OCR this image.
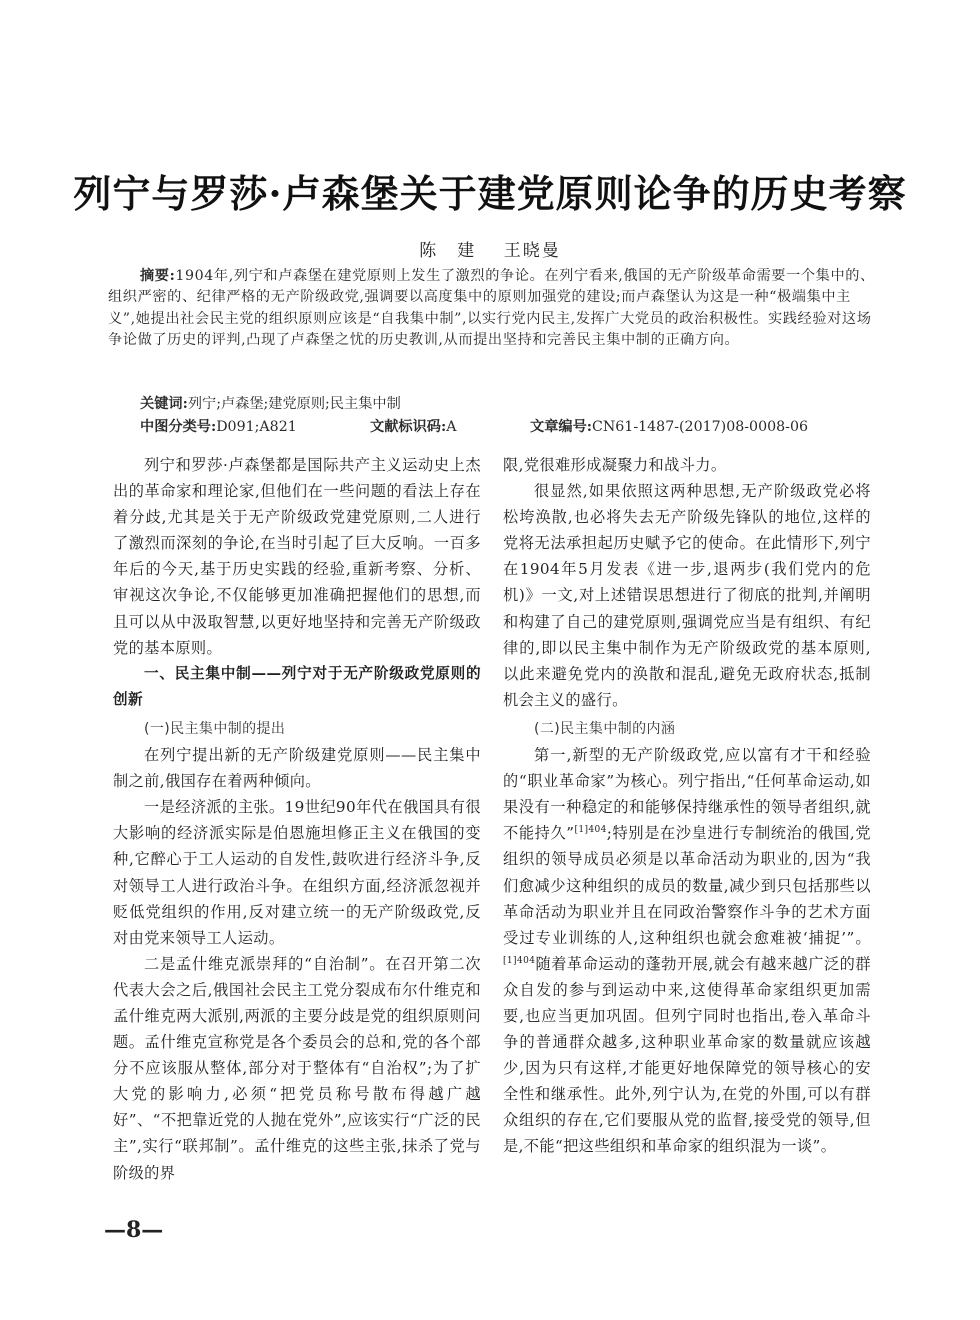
列宁与罗莎·卢森堡关于建党原则论争的历史考察
陈　建 王晓曼
摘要:1904年,列宁和卢森堡在建党原则上发生了激烈的争论。在列宁看来,俄国的无产阶级革命需要一个集中的、组织严密的、纪律严格的无产阶级政党,强调要以高度集中的原则加强党的建设;而卢森堡认为这是一种“极端集中主义”,她提出社会民主党的组织原则应该是“自我集中制”,以实行党内民主,发挥广大党员的政治积极性。实践经验对这场争论做了历史的评判,凸现了卢森堡之忧的历史教训,从而提出坚持和完善民主集中制的正确方向。
关键词:列宁;卢森堡;建党原则;民主集中制
中图分类号:D091;A821	文献标识码:A	文章编号:CN61-1487-(2017)08-0008-06

列宁和罗莎·卢森堡都是国际共产主义运动史上杰出的革命家和理论家,但他们在一些问题的看法上存在着分歧,尤其是关于无产阶级政党建党原则,二人进行了激烈而深刻的争论,在当时引起了巨大反响。一百多年后的今天,基于历史实践的经验,重新考察、分析、审视这次争论,不仅能够更加准确把握他们的思想,而且可以从中汲取智慧,以更好地坚持和完善无产阶级政党的基本原则。

一、民主集中制——列宁对于无产阶级政党原则的创新

(一)民主集中制的提出

在列宁提出新的无产阶级建党原则——民主集中制之前,俄国存在着两种倾向。

一是经济派的主张。19世纪90年代在俄国具有很大影响的经济派实际是伯恩施坦修正主义在俄国的变种,它醉心于工人运动的自发性,鼓吹进行经济斗争,反对领导工人进行政治斗争。在组织方面,经济派忽视并贬低党组织的作用,反对建立统一的无产阶级政党,反对由党来领导工人运动。

二是孟什维克派崇拜的“自治制”。在召开第二次代表大会之后,俄国社会民主工党分裂成布尔什维克和孟什维克两大派别,两派的主要分歧是党的组织原则问题。孟什维克宣称党是各个委员会的总和,党的各个部分不应该服从整体,部分对于整体有“自治权”;为了扩大党的影响力,必须“把党员称号散布得越广越好”、“不把靠近党的人抛在党外”,应该实行“广泛的民主”,实行“联邦制”。孟什维克的这些主张,抹杀了党与阶级的界

限,党很难形成凝聚力和战斗力。

很显然,如果依照这两种思想,无产阶级政党必将松垮涣散,也必将失去无产阶级先锋队的地位,这样的党将无法承担起历史赋予它的使命。在此情形下,列宁在1904年5月发表《进一步,退两步(我们党内的危机)》一文,对上述错误思想进行了彻底的批判,并阐明和构建了自己的建党原则,强调党应当是有组织、有纪律的,即以民主集中制作为无产阶级政党的基本原则,以此来避免党内的涣散和混乱,避免无政府状态,抵制机会主义的盛行。

(二)民主集中制的内涵

第一,新型的无产阶级政党,应以富有才干和经验的“职业革命家”为核心。列宁指出,“任何革命运动,如果没有一种稳定的和能够保持继承性的领导者组织,就不能持久”$^{[1]404}$;特别是在沙皇进行专制统治的俄国,党组织的领导成员必须是以革命活动为职业的,因为“我们愈减少这种组织的成员的数量,减少到只包括那些以革命活动为职业并且在同政治警察作斗争的艺术方面受过专业训练的人,这种组织也就会愈难被‘捕捉’”。$^{[1]404}$随着革命运动的蓬勃开展,就会有越来越广泛的群众自发的参与到运动中来,这使得革命家组织更加需要,也应当更加巩固。但列宁同时也指出,卷入革命斗争的普通群众越多,这种职业革命家的数量就应该越少,因为只有这样,才能更好地保障党的领导核心的安全性和继承性。此外,列宁认为,在党的外围,可以有群众组织的存在,它们要服从党的监督,接受党的领导,但是,不能“把这些组织和革命家的组织混为一谈”。

—8—
